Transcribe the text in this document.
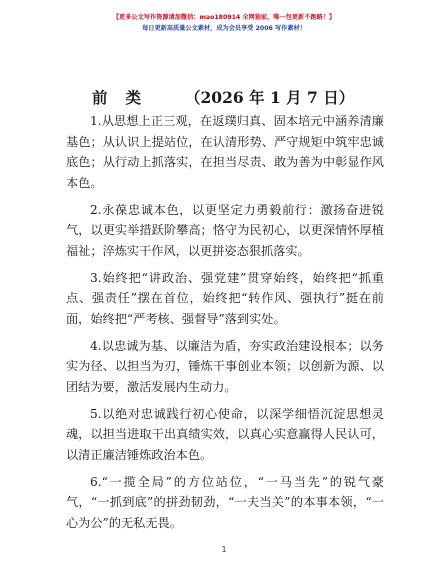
【更多公文写作资源请加微信：mao180914 全网独家，唯一包更新不跑路！】
每日更新高质量公文素材，成为会员享受 2006 写作素材！
前类 （2026 年 1 月 7 日）

1.从思想上正三观，在返璞归真、固本培元中涵养清廉基色；从认识上提站位，在认清形势、严守规矩中筑牢忠诚底色；从行动上抓落实，在担当尽责、敢为善为中彰显作风本色。

2.永葆忠诚本色，以更坚定力勇毅前行：激扬奋进锐气，以更实举措跃阶攀高；恪守为民初心，以更深情怀厚植福祉；淬炼实干作风，以更拼姿态狠抓落实。

3.始终把“讲政治、强党建”贯穿始终，始终把“抓重点、强责任”摆在首位，始终把“转作风、强执行”挺在前面，始终把“严考核、强督导”落到实处。

4.以忠诚为基、以廉洁为盾，夯实政治建设根本；以务实为径、以担当为刃，锤炼干事创业本领；以创新为源、以团结为要，激活发展内生动力。

5.以绝对忠诚践行初心使命，以深学细悟沉淀思想灵魂，以担当进取干出真绩实效，以真心实意赢得人民认可，以清正廉洁锤炼政治本色。

6.“一揽全局”的方位站位，“一马当先”的锐气豪气，“一抓到底”的拼劲韧劲，“一夫当关”的本事本领，“一心为公”的无私无畏。

1
